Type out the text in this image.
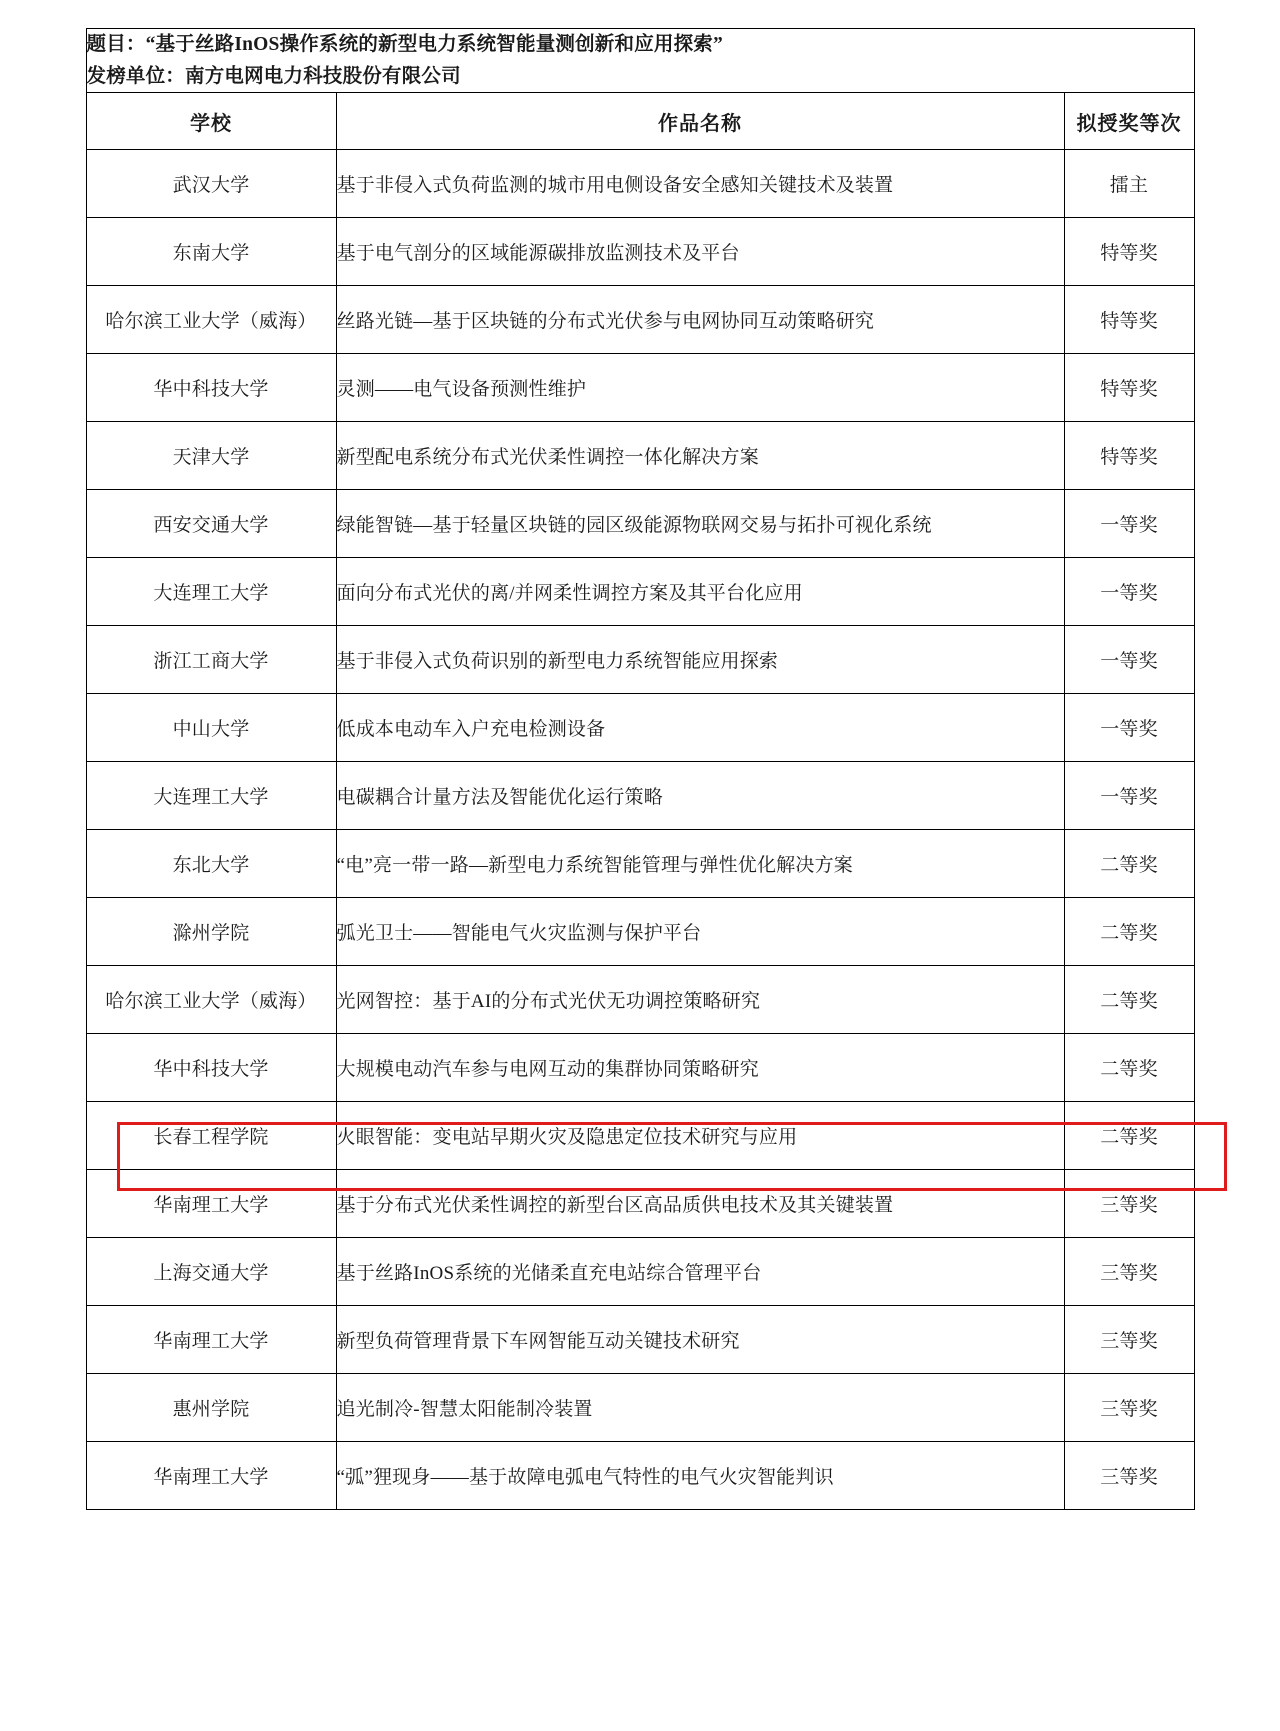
题目：“基于丝路InOS操作系统的新型电力系统智能量测创新和应用探索”
发榜单位：南方电网电力科技股份有限公司		

学校	作品名称	拟授奖等次
武汉大学	基于非侵入式负荷监测的城市用电侧设备安全感知关键技术及装置	擂主
东南大学	基于电气剖分的区域能源碳排放监测技术及平台	特等奖
哈尔滨工业大学（威海）	丝路光链—基于区块链的分布式光伏参与电网协同互动策略研究	特等奖
华中科技大学	灵测——电气设备预测性维护	特等奖
天津大学	新型配电系统分布式光伏柔性调控一体化解决方案	特等奖
西安交通大学	绿能智链—基于轻量区块链的园区级能源物联网交易与拓扑可视化系统	一等奖
大连理工大学	面向分布式光伏的离/并网柔性调控方案及其平台化应用	一等奖
浙江工商大学	基于非侵入式负荷识别的新型电力系统智能应用探索	一等奖
中山大学	低成本电动车入户充电检测设备	一等奖
大连理工大学	电碳耦合计量方法及智能优化运行策略	一等奖
东北大学	“电”亮一带一路—新型电力系统智能管理与弹性优化解决方案	二等奖
滁州学院	弧光卫士——智能电气火灾监测与保护平台	二等奖
哈尔滨工业大学（威海）	光网智控：基于AI的分布式光伏无功调控策略研究	二等奖
华中科技大学	大规模电动汽车参与电网互动的集群协同策略研究	二等奖

长春工程学院	火眼智能：变电站早期火灾及隐患定位技术研究与应用	二等奖
华南理工大学	基于分布式光伏柔性调控的新型台区高品质供电技术及其关键装置	三等奖
上海交通大学	基于丝路InOS系统的光储柔直充电站综合管理平台	三等奖
华南理工大学	新型负荷管理背景下车网智能互动关键技术研究	三等奖
惠州学院	追光制冷-智慧太阳能制冷装置	三等奖
华南理工大学	“弧”狸现身——基于故障电弧电气特性的电气火灾智能判识	三等奖
